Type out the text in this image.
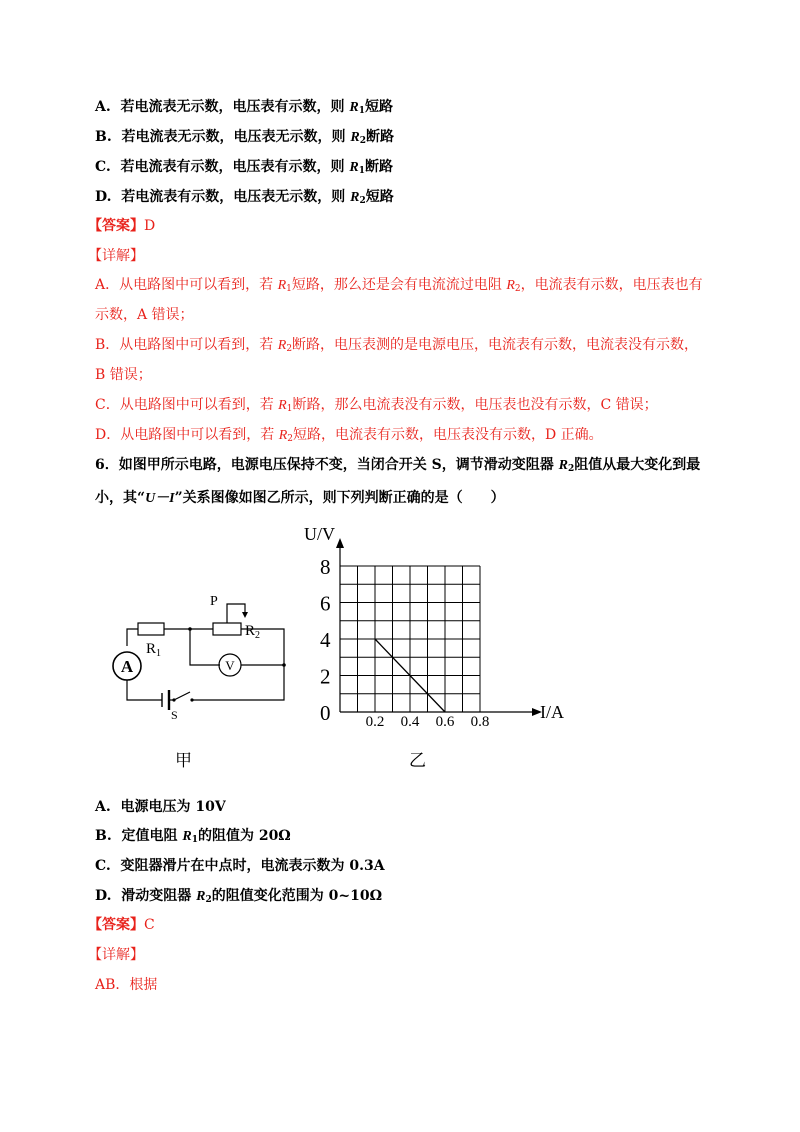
A. 若电流表无示数，电压表有示数，则 $R_1$短路
B. 若电流表无示数，电压表无示数，则 $R_2$断路
C. 若电流表有示数，电压表有示数，则 $R_1$断路
D. 若电流表有示数，电压表无示数，则 $R_2$短路
【答案】D
【详解】
A．从电路图中可以看到，若 $R_1$短路，那么还是会有电流流过电阻 $R_2$，电流表有示数，电压表也有
示数，A 错误；
B．从电路图中可以看到，若 $R_2$断路，电压表测的是电源电压，电流表有示数，电流表没有示数，
B 错误；
C．从电路图中可以看到，若 $R_1$断路，那么电流表没有示数，电压表也没有示数，C 错误；
D．从电路图中可以看到，若 $R_2$短路，电流表有示数，电压表没有示数，D 正确。
6．如图甲所示电路，电源电压保持不变，当闭合开关 S，调节滑动变阻器 $R_2$阻值从最大变化到最
小，其“U－I”关系图像如图乙所示，则下列判断正确的是（　　）
P
$R_2$
$R_1$
A	V
S
甲
0
2
4
6
8
0.2 0.4 0.6 0.8	I/A
U/V
乙
A. 电源电压为 10V
B. 定值电阻 $R_1$的阻值为 20Ω
C. 变阻器滑片在中点时，电流表示数为 0.3A
D. 滑动变阻器 $R_2$的阻值变化范围为 0~10Ω
【答案】C
【详解】
AB．根据
